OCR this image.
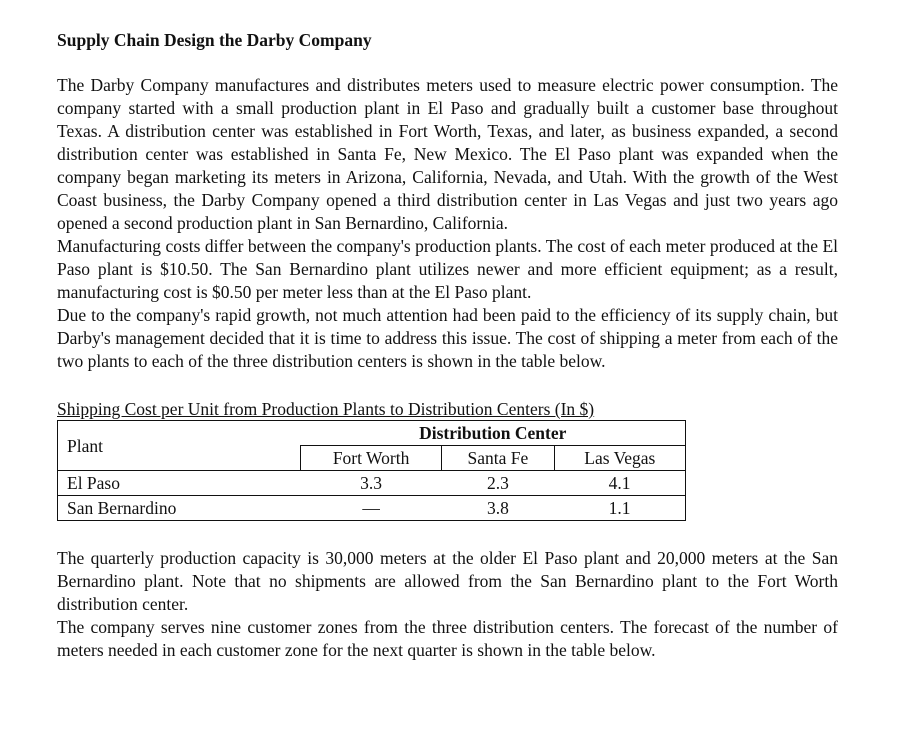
Supply Chain Design the Darby Company

The Darby Company manufactures and distributes meters used to measure electric power consumption. The company started with a small production plant in El Paso and gradually built a customer base throughout Texas. A distribution center was established in Fort Worth, Texas, and later, as business expanded, a second distribution center was established in Santa Fe, New Mexico. The El Paso plant was expanded when the company began marketing its meters in Arizona, California, Nevada, and Utah. With the growth of the West Coast business, the Darby Company opened a third distribution center in Las Vegas and just two years ago opened a second production plant in San Bernardino, California.

Manufacturing costs differ between the company's production plants. The cost of each meter produced at the El Paso plant is $10.50. The San Bernardino plant utilizes newer and more efficient equipment; as a result, manufacturing cost is $0.50 per meter less than at the El Paso plant.

Due to the company's rapid growth, not much attention had been paid to the efficiency of its supply chain, but Darby's management decided that it is time to address this issue. The cost of shipping a meter from each of the two plants to each of the three distribution centers is shown in the table below.

Shipping Cost per Unit from Production Plants to Distribution Centers (In $)
Plant	Distribution Center		
	Fort Worth	Santa Fe	Las Vegas
El Paso	3.3	2.3	4.1
San Bernardino	—	3.8	1.1

The quarterly production capacity is 30,000 meters at the older El Paso plant and 20,000 meters at the San Bernardino plant. Note that no shipments are allowed from the San Bernardino plant to the Fort Worth distribution center.

The company serves nine customer zones from the three distribution centers. The forecast of the number of meters needed in each customer zone for the next quarter is shown in the table below.
